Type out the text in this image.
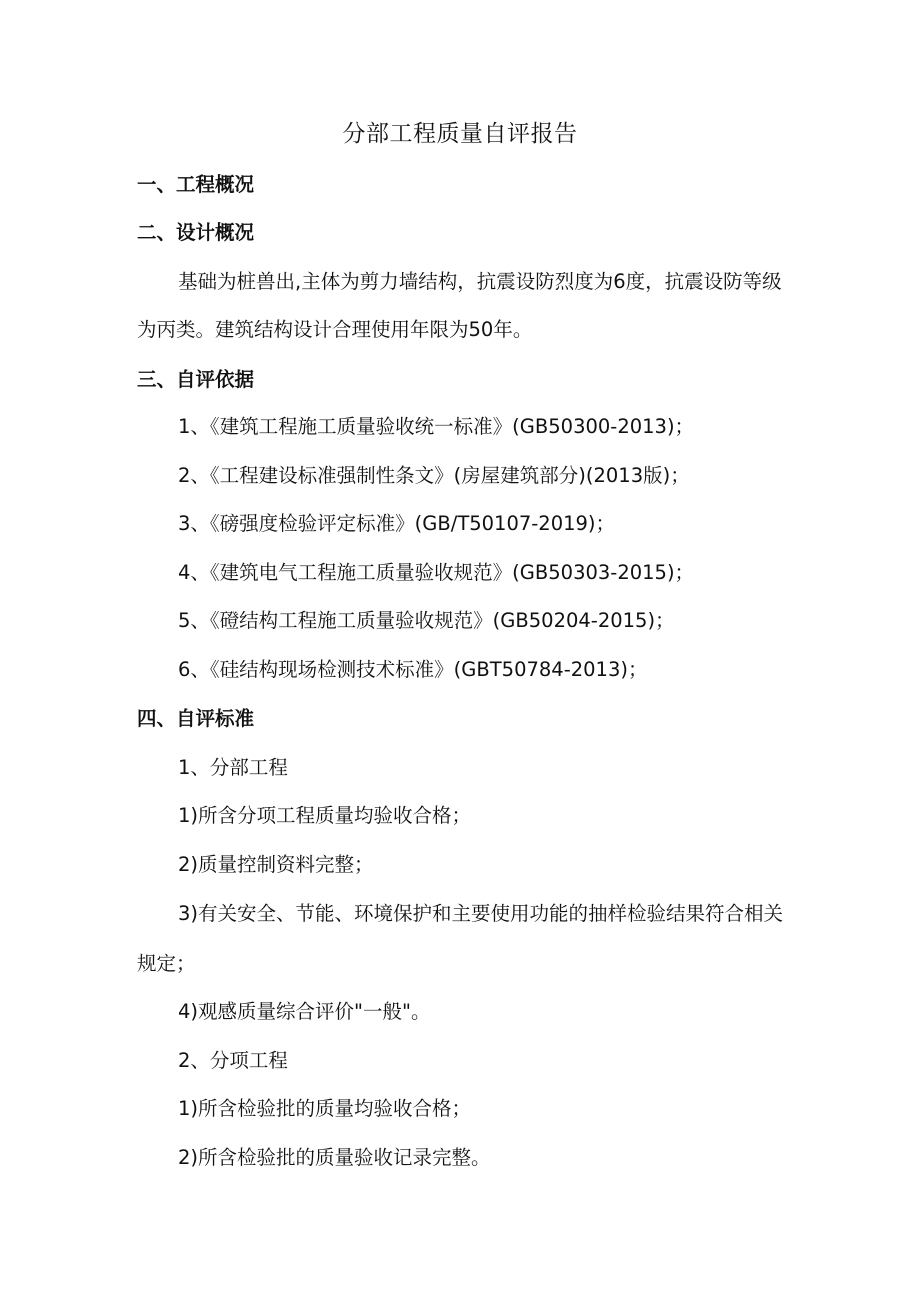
分部工程质量自评报告
一、工程概况
二、设计概况
基础为桩兽出,主体为剪力墙结构，抗震设防烈度为6度，抗震设防等级
为丙类。建筑结构设计合理使用年限为50年。
三、自评依据
1、《建筑工程施工质量验收统一标准》(GB50300-2013)；
2、《工程建设标准强制性条文》(房屋建筑部分)(2013版)；
3、《磅强度检验评定标准》(GB/T50107-2019)；
4、《建筑电气工程施工质量验收规范》(GB50303-2015)；
5、《磴结构工程施工质量验收规范》(GB50204-2015)；
6、《硅结构现场检测技术标准》(GBT50784-2013)；
四、自评标准
1、分部工程
1)所含分项工程质量均验收合格；
2)质量控制资料完整；
3)有关安全、节能、环境保护和主要使用功能的抽样检验结果符合相关
规定；
4)观感质量综合评价"一般"。
2、分项工程
1)所含检验批的质量均验收合格；
2)所含检验批的质量验收记录完整。
